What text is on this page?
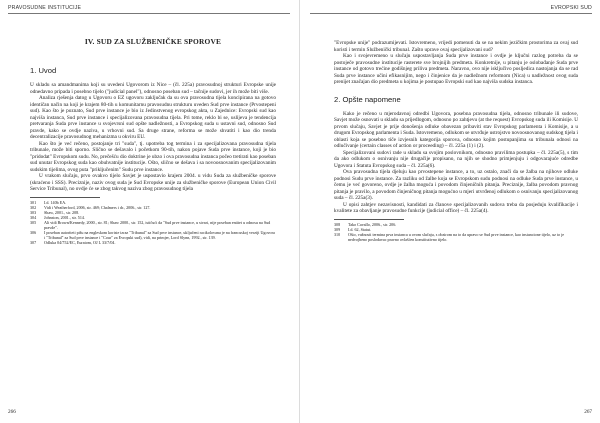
PRAVOSUDNE INSTITUCIJE
IV. SUD ZA SLUŽBENIČKE SPOROVE
1. Uvod

U skladu sa amandmanima koji su uvedeni Ugovorom iz Nice – (čl. 225a) pravosudnoj strukturi Evropske unije odnedavno pripada i posebno tijelo ("judicial panel"), odnosno poseban sud – tačnije sudovi, jer ih može biti više.

Analiza rješenja datog u Ugovoru o EZ ugovoru zaključak da su ova pravosudna tijela koncipirana na gotovo identičan način na koji je krajem 80-tih u komunitarnu pravosudnu strukturu uveden Sud prve instance (Prvostepeni sud). Kao što je poznato, Sud prve instance je bio iz Jedinstvenog evropskog akta, u Zajednice: Evropski sud kao najviša instanca, Sud prve instance i specijalizovana pravosudna tijela. Pri tome, reklo bi se, uslijeva je tendencija pretvaranja Suda prve instance u svojevrsni sud opšte nadležnosti, a Evropskog suda u ustavni sud, odnosno Sud pravde, kako se ovdje naziva, u vrhovni sud. Sa druge strane, reforma se može shvatiti i kao dio trenda decentralizacije pravosudnog mehanizma u okviru EU.

Kao što je već rečeno, postojanje tri "suda", tj. upotreba tog termina i za specijalizovana pravosudna tijela tribunale, može biti sporno. Slično se dešavalo i početkom 90-tih, nakon pojave Suda prve instance, koji je bio "pridodat" Evropskom sudu. No, prečešću dio doktrine je ubzo i ova pravosudna instanca počeo tretirati kao poseban sud unutar Evropskog suda kao obuhvatnije institucije. Ošto, slično se dešava i sa novoosnovanim specijalizovanim sudskim tijelima, ovog puta "priključenim" Sudu prve instance.

U vrakom slučaju, prvo ovakvo tijelo Savjet je uspostavio krajem 2004. u vidu Suda za službeničke sporove (skraćeno i SSS). Preciznije, naziv ovog suda je Sud Evropske unije za službeničke sporove (European Union Civil Service Tribunal), no ovdje će se zbog takvog naziva zbog pravosudnog tijela

301	I.d. 140b EA.
302	Vidi i Weatherford, 2006, str. 469; Chalmers i dr., 2006., str. 127.
303	Shaw, 2001., str. 208.
304	Johnston, 2001., str. 514.
305	Ali vidi Brown/Kennedy, 2000., str. 81; Shaw 2000., str. 152, ističući da "Sud prve instance, u stvari, nije poseban entitet u odnosu na Sud pravde".
306	I poseban autoriteti pišu na engleskom koriste izraz "Tribunal" za Sud prve instance, uključeni racikolovana je na francuskoj verziji Ugovora i "Tribunal" za Sud prve instance i "Cour" za Evropski sud), vidi, na primjer, Lord Slynn, 1992., str. 139.
307	Odluka 04/752/EC, Euratom, OJ L 33/7/04.
266
EVROPSKI SUD

"Evropske unije" podrazumijevati. Istovremeno, vrijedi pomenuti da se na nekim jezičkim prostorima za ovaj sud koristi i termin Službenički tribunal. Zašto uprave ovaj specijalizovani sud?

Kao i svojevremeno u slučaju uspostavljanja Suda prve instance i ovdje je ključni razlog potreba da se postoječe pravosudne institucije rasterete sve brojnijih predmeta. Konkretnije, u pitanju je oslobađanje Suda prve instance od gotovo trećine godišnjeg priliva predmeta. Naravno, ovo nije isključivo posljedica nastojanja da se rad Suda prve instance učini efikasnijim, nego i činjenice da je nadležnom reformom (Nica) u nadležnost ovog suda prenijet značajan dio predmeta u kojima je postupao Evropski sud kao najviša sudska instanca.

2. Opšte napomene

Kako je rečeno u mjerodavnoj odredbi Ugovora, posebna pravosudna tijela, odnosno tribunale ili sudove, Savjet može osnovati u skladu sa prijedlogom, odnosno po zahtjevu (at the request) Evropskog suda ili Komisije. U prvom slučaju, Savjet je prije donošenja odluke obavezan pribaviti stav Evropskog parlamenta i Komisije, a u drugom Evropskog parlamenta i Suda. Istovremeno, odlukom se utvrđuje ustrojstvo novoosnovanog sudskog tijela i oblasti koja se posebno tiče izvjesnih kategorija sporova, odnosno kojim postupanjima su tribunala odnosi na odlučivanje (certain classes of action or proceeding) – čl. 225a (1) i (2).

Specijalizovani sudovi rade u skladu sa svojim poslovnikom, odnosno pravilima postupka – čl. 225a(5), s tim da ako odlukom o osnivanju nije drugačije propisano, na njih se shodno primjenjuju i odgovarajuće odredbe Ugovora i Statuta Evropskog suda – čl. 225a(6).

Ova pravosudna tijela djeluju kao prvostepene instance, a to, uz ostalo, znači da se žalba na njihove odluke podnosi Sudu prve instance. Za razliku od žalbe koja se Evropskom sudu podnosi na odluke Suda prve instance, u čemu je već govoreno, ovdje je žalba moguća i povodom činjeničnih pitanja. Preciznije, žalba povodom pravnog pitanja je pravilo, a povodom činjeničnog pitanja mogućno u mjeri utvrđenoj odlukom o osnivanju specijalizovanog suda – čl. 225a(3).

U opisi zahtjev nezavisnosti, kandidati za članove specijalizovanih sudova treba da posjeduju kvalifikacije i kvalitete za obavljanje pravosudne funkcije (judicial office) – čl. 225a(4).

308	Tako Cavallo, 2006., str. 206.
309	I.d. 62, Statut.
310	Ošto, važnosti termina prva instanca u ovom slučaju, s obzirom na to da upravo se Sud prve instance, kao instancione tijelo, uz to je nedvojbeno poslodavac pravno ovlašćen konstitutivno tijelo.
267
